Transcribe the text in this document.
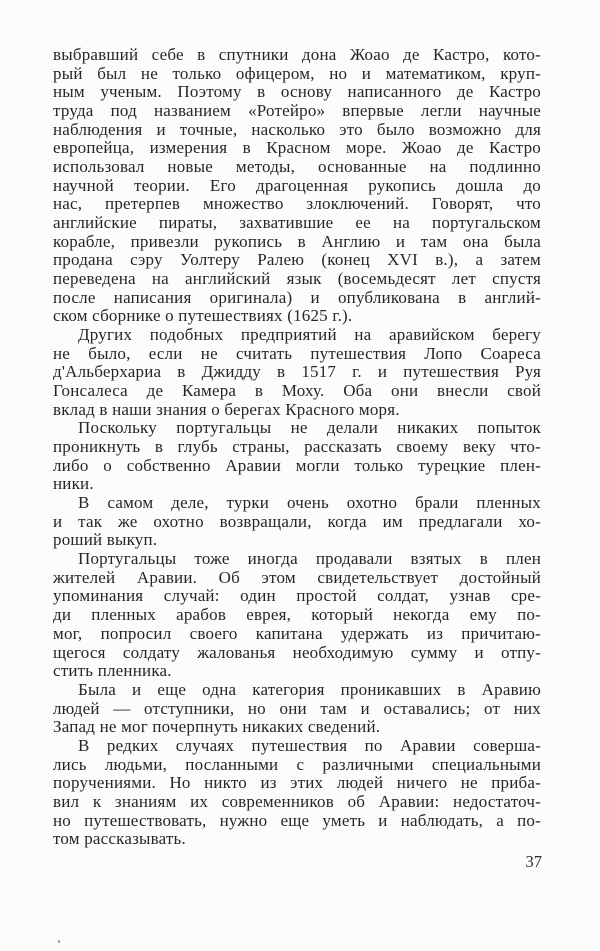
выбравший себе в спутники дона Жоао де Кастро, кото-
рый был не только офицером, но и математиком, круп-
ным ученым. Поэтому в основу написанного де Кастро
труда под названием «Ротейро» впервые легли научные
наблюдения и точные, насколько это было возможно для
европейца, измерения в Красном море. Жоао де Кастро
использовал новые методы, основанные на подлинно
научной теории. Его драгоценная рукопись дошла до
нас, претерпев множество злоключений. Говорят, что
английские пираты, захватившие ее на португальском
корабле, привезли рукопись в Англию и там она была
продана сэру Уолтеру Ралею (конец XVI в.), а затем
переведена на английский язык (восемьдесят лет спустя
после написания оригинала) и опубликована в англий-
ском сборнике о путешествиях (1625 г.).
Других подобных предприятий на аравийском берегу
не было, если не считать путешествия Лопо Соареса
д'Альберхариа в Джидду в 1517 г. и путешествия Руя
Гонсалеса де Камера в Моху. Оба они внесли свой
вклад в наши знания о берегах Красного моря.
Поскольку португальцы не делали никаких попыток
проникнуть в глубь страны, рассказать своему веку что-
либо о собственно Аравии могли только турецкие плен-
ники.
В самом деле, турки очень охотно брали пленных
и так же охотно возвращали, когда им предлагали хо-
роший выкуп.
Португальцы тоже иногда продавали взятых в плен
жителей Аравии. Об этом свидетельствует достойный
упоминания случай: один простой солдат, узнав сре-
ди пленных арабов еврея, который некогда ему по-
мог, попросил своего капитана удержать из причитаю-
щегося солдату жалованья необходимую сумму и отпу-
стить пленника.
Была и еще одна категория проникавших в Аравию
людей — отступники, но они там и оставались; от них
Запад не мог почерпнуть никаких сведений.
В редких случаях путешествия по Аравии соверша-
лись людьми, посланными с различными специальными
поручениями. Но никто из этих людей ничего не приба-
вил к знаниям их современников об Аравии: недостаточ-
но путешествовать, нужно еще уметь и наблюдать, а по-
том рассказывать.
37
